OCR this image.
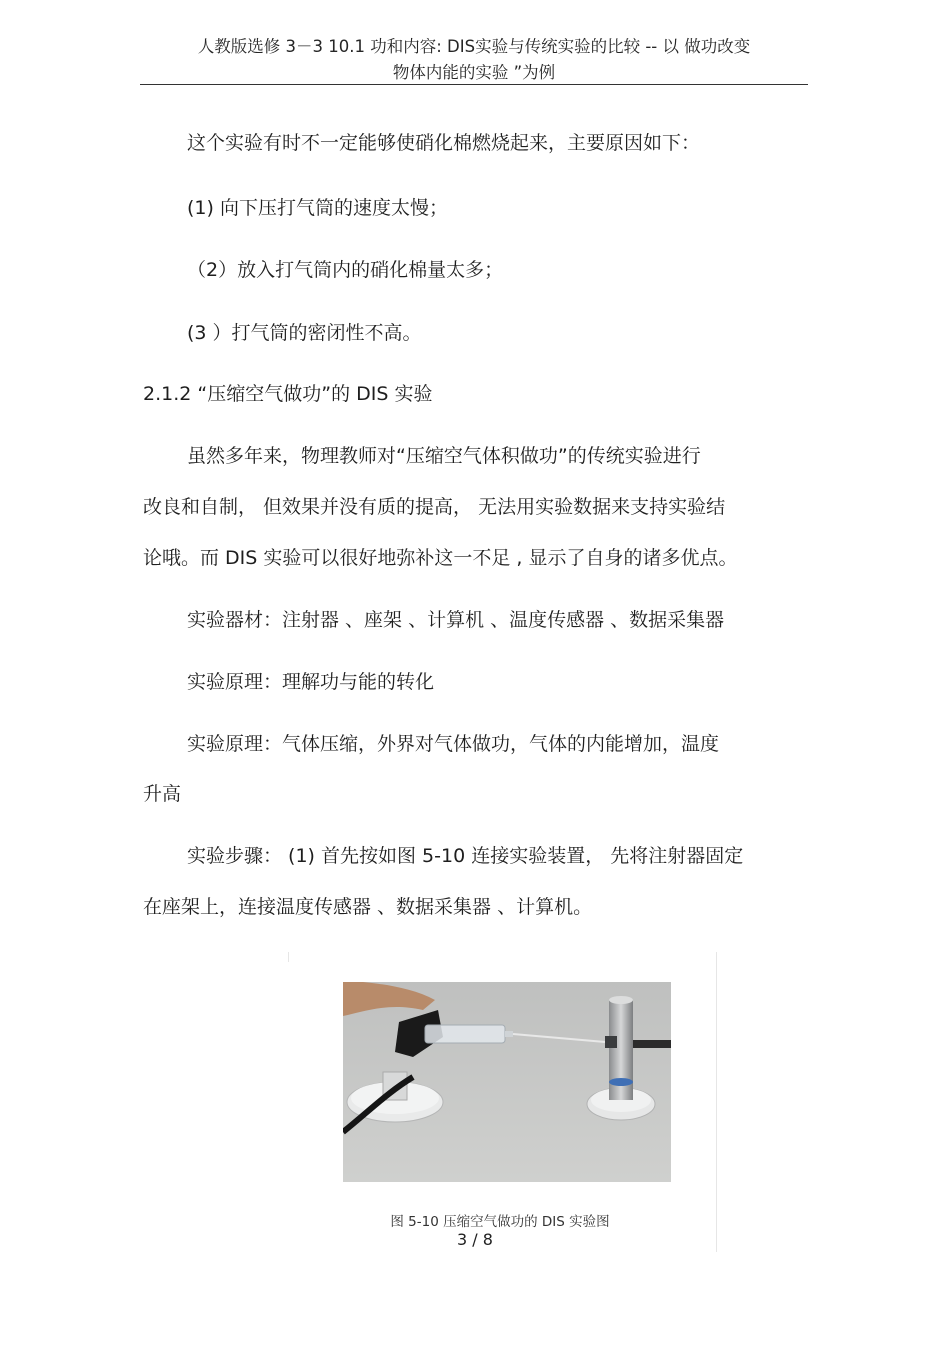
人教版选修 3－3 10.1 功和内容: DIS实验与传统实验的比较 -- 以 做功改变
物体内能的实验 ”为例
这个实验有时不一定能够使硝化棉燃烧起来，主要原因如下：
(1) 向下压打气筒的速度太慢；
（2）放入打气筒内的硝化棉量太多；
(3 ）打气筒的密闭性不高。
2.1.2 “压缩空气做功”的 DIS 实验
虽然多年来，物理教师对“压缩空气体积做功”的传统实验进行
改良和自制， 但效果并没有质的提高， 无法用实验数据来支持实验结
论哦。而 DIS 实验可以很好地弥补这一不足 , 显示了自身的诸多优点。
实验器材：注射器 、座架 、计算机 、温度传感器 、数据采集器
实验原理：理解功与能的转化
实验原理：气体压缩，外界对气体做功，气体的内能增加，温度
升高
实验步骤： (1) 首先按如图 5-10 连接实验装置， 先将注射器固定
在座架上，连接温度传感器 、数据采集器 、计算机。
图 5-10 压缩空气做功的 DIS 实验图
3 / 8
